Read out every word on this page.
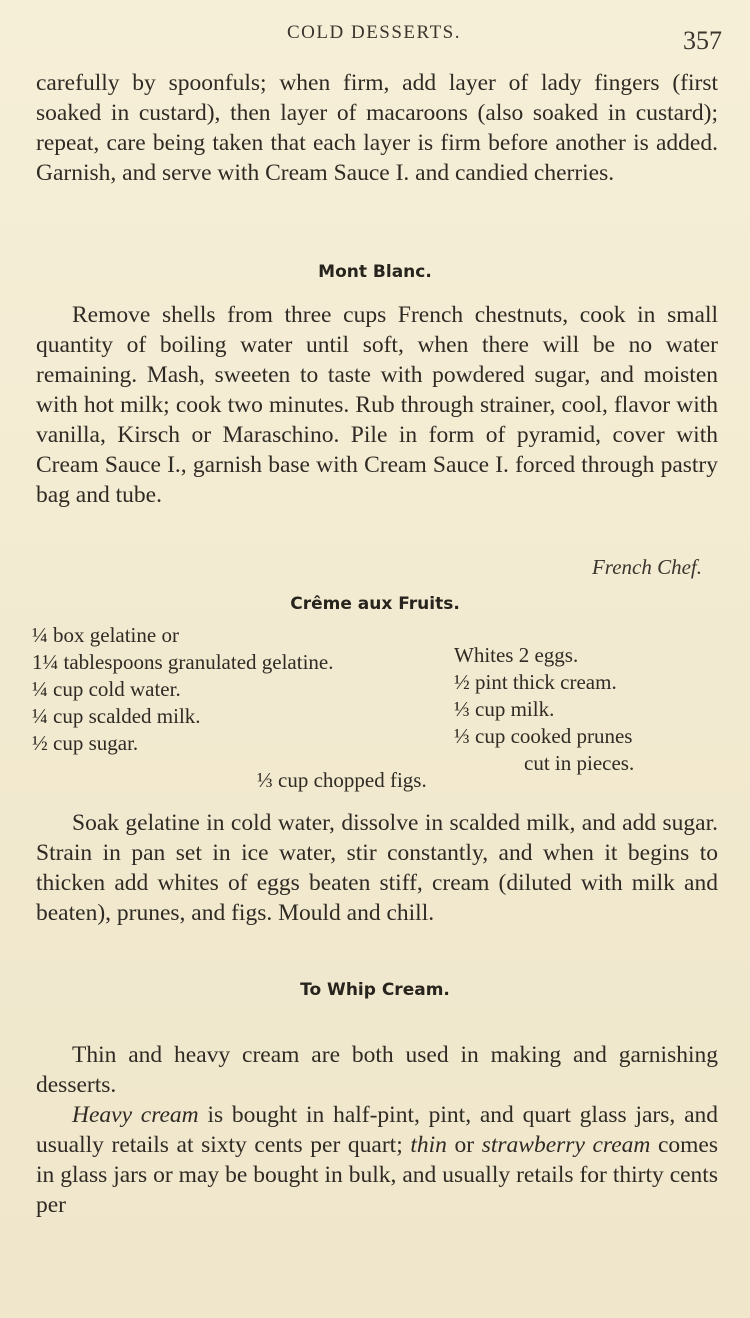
COLD DESSERTS.	357

carefully by spoonfuls; when firm, add layer of lady fingers (first soaked in custard), then layer of macaroons (also soaked in custard); repeat, care being taken that each layer is firm before another is added. Garnish, and serve with Cream Sauce I. and candied cherries.

Mont Blanc.

Remove shells from three cups French chestnuts, cook in small quantity of boiling water until soft, when there will be no water remaining. Mash, sweeten to taste with powdered sugar, and moisten with hot milk; cook two minutes. Rub through strainer, cool, flavor with vanilla, Kirsch or Maraschino. Pile in form of pyramid, cover with Cream Sauce I., garnish base with Cream Sauce I. forced through pastry bag and tube.

French Chef.
Crême aux Fruits.
¼ box gelatine or
1¼ tablespoons granulated gelatine.
¼ cup cold water.
¼ cup scalded milk.
½ cup sugar.
Whites 2 eggs.
½ pint thick cream.
⅓ cup milk.
⅓ cup cooked prunes
cut in pieces.
⅓ cup chopped figs.

Soak gelatine in cold water, dissolve in scalded milk, and add sugar. Strain in pan set in ice water, stir constantly, and when it begins to thicken add whites of eggs beaten stiff, cream (diluted with milk and beaten), prunes, and figs. Mould and chill.

To Whip Cream.

Thin and heavy cream are both used in making and garnishing desserts.

Heavy cream is bought in half-pint, pint, and quart glass jars, and usually retails at sixty cents per quart; thin or strawberry cream comes in glass jars or may be bought in bulk, and usually retails for thirty cents per
